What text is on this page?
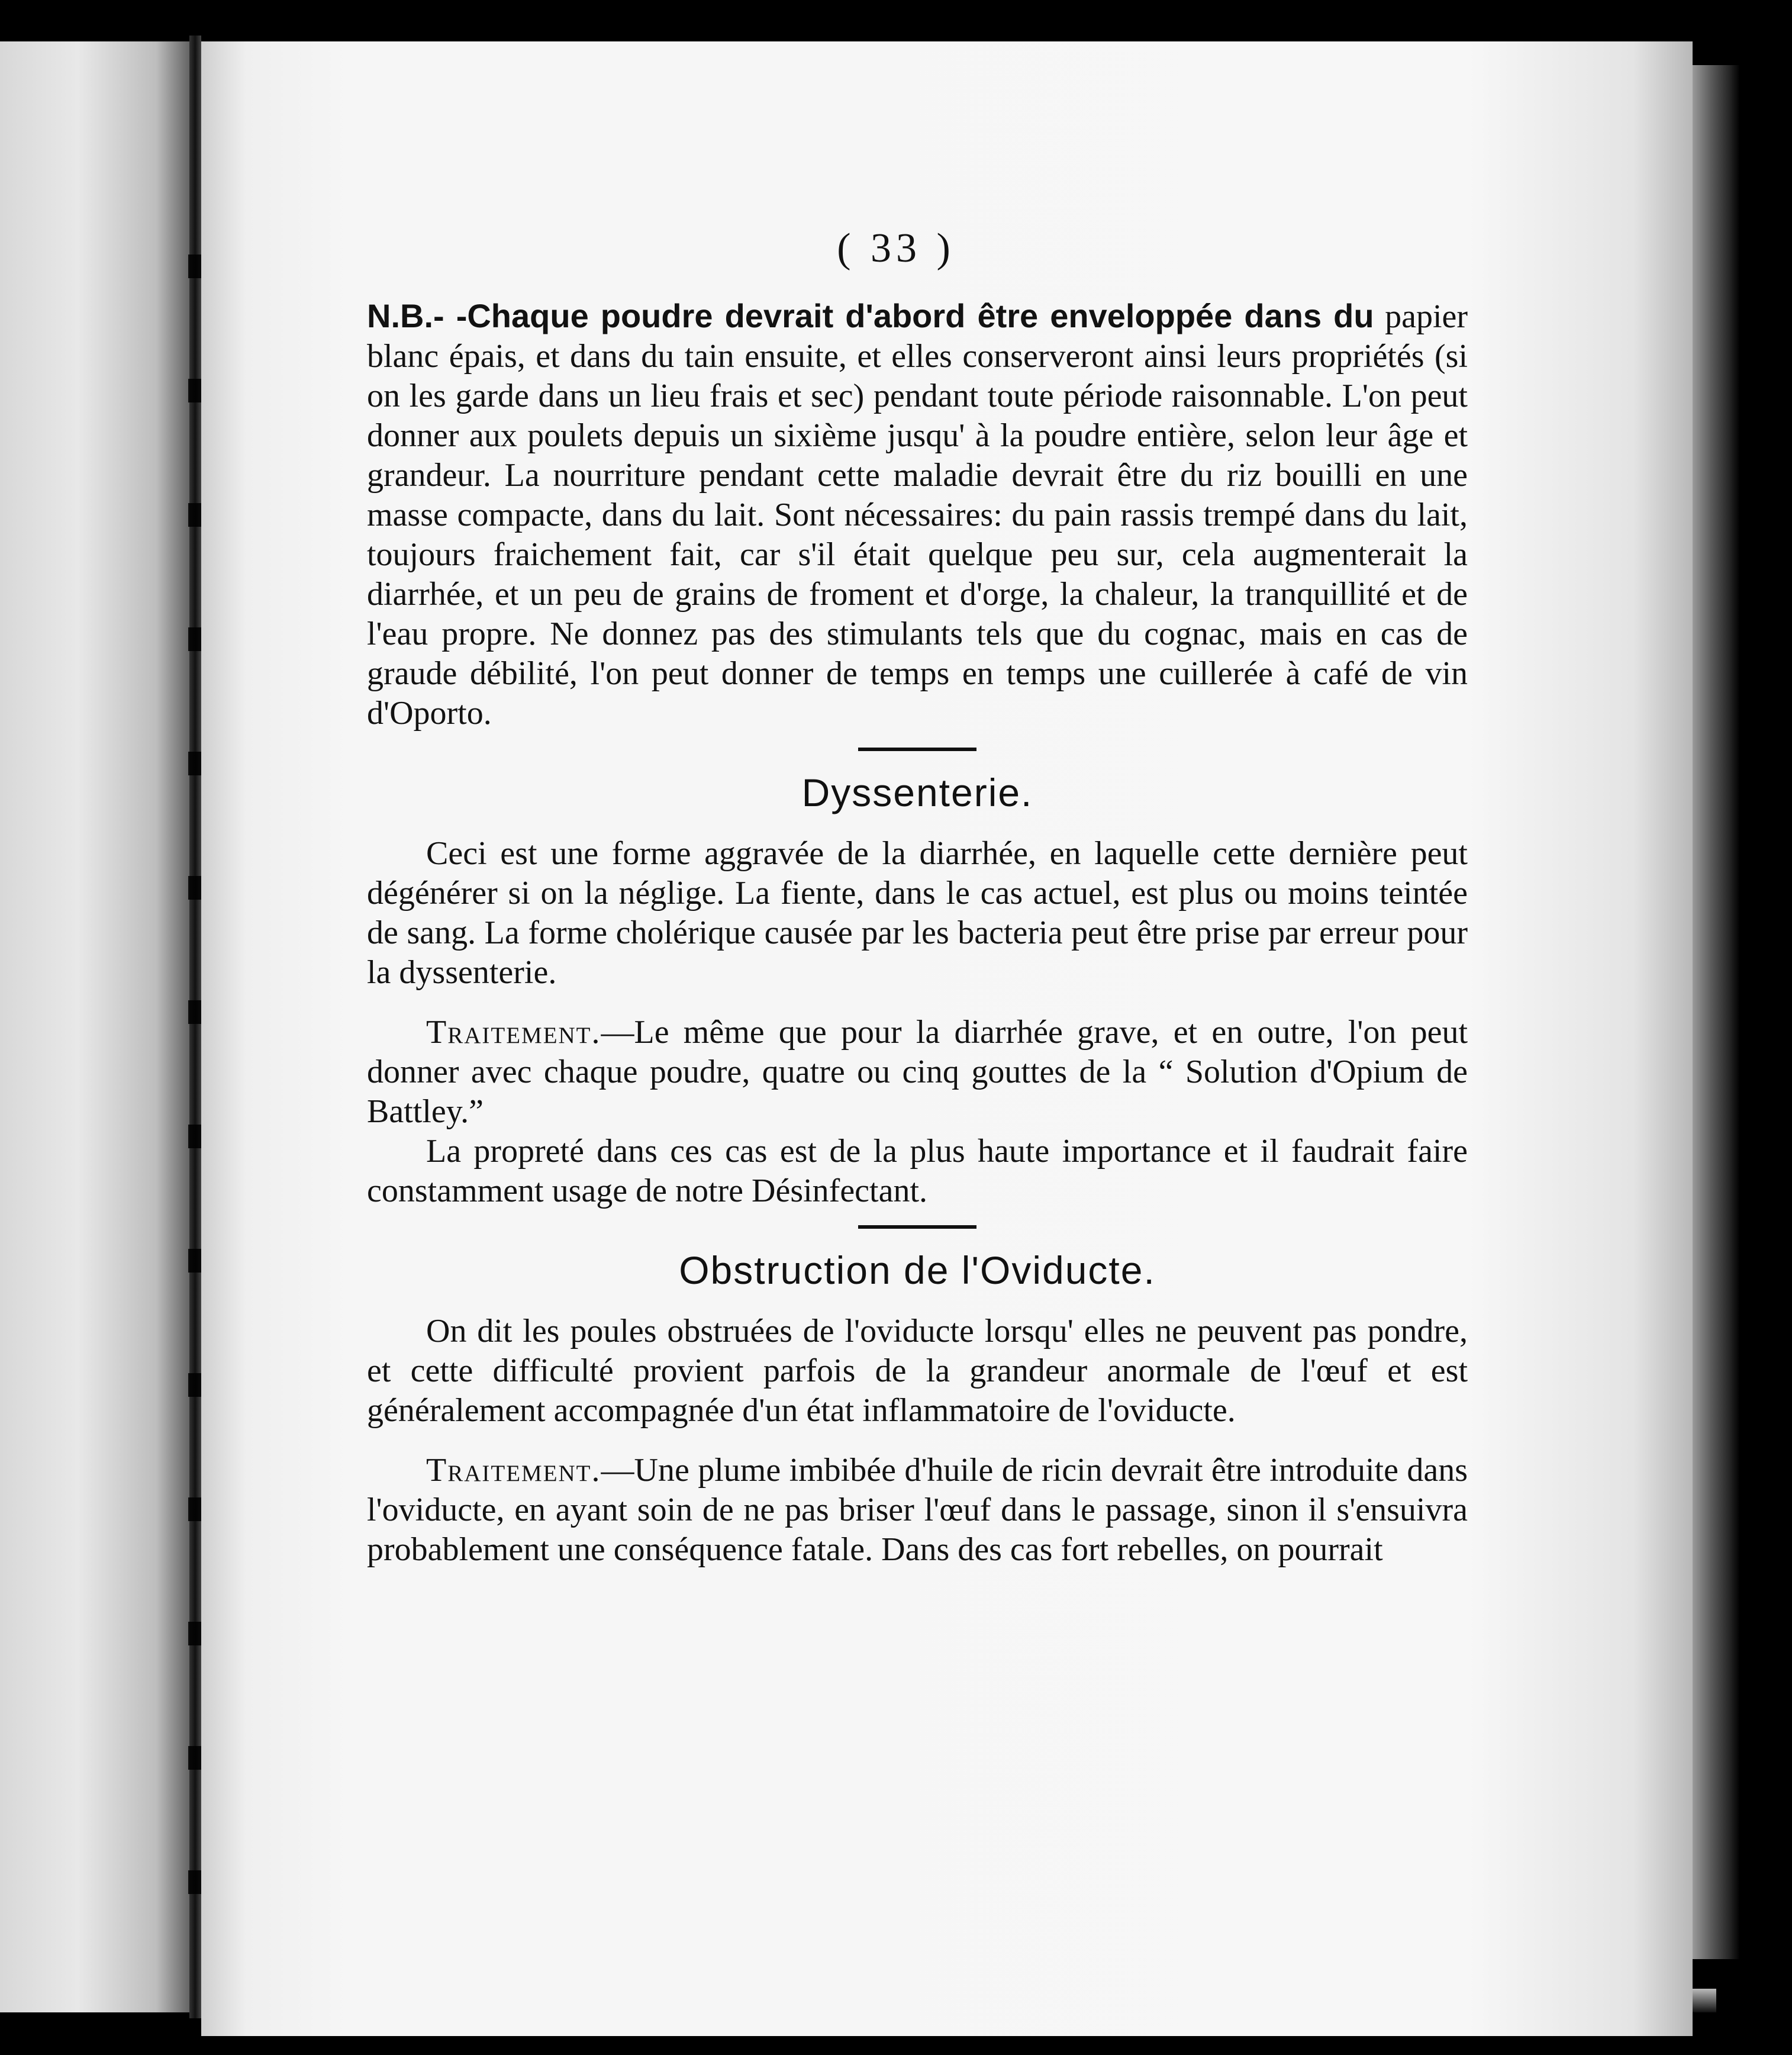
( 33 )

N.B.- -Chaque poudre devrait d'abord être enveloppée dans du papier blanc épais, et dans du tain ensuite, et elles conserveront ainsi leurs propriétés (si on les garde dans un lieu frais et sec) pendant toute période raisonnable. L'on peut donner aux poulets depuis un sixième jusqu' à la poudre entière, selon leur âge et grandeur. La nourriture pendant cette maladie devrait être du riz bouilli en une masse compacte, dans du lait. Sont nécessaires: du pain rassis trempé dans du lait, toujours fraichement fait, car s'il était quelque peu sur, cela augmenterait la diarrhée, et un peu de grains de froment et d'orge, la chaleur, la tranquillité et de l'eau propre. Ne donnez pas des stimulants tels que du cognac, mais en cas de graude débilité, l'on peut donner de temps en temps une cuillerée à café de vin d'Oporto.

Dyssenterie.

Ceci est une forme aggravée de la diarrhée, en laquelle cette dernière peut dégénérer si on la néglige. La fiente, dans le cas actuel, est plus ou moins teintée de sang. La forme cholérique causée par les bacteria peut être prise par erreur pour la dyssenterie.

Traitement.—Le même que pour la diarrhée grave, et en outre, l'on peut donner avec chaque poudre, quatre ou cinq gouttes de la “ Solution d'Opium de Battley.”

La propreté dans ces cas est de la plus haute importance et il faudrait faire constamment usage de notre Désinfectant.

Obstruction de l'Oviducte.

On dit les poules obstruées de l'oviducte lorsqu' elles ne peuvent pas pondre, et cette difficulté provient parfois de la grandeur anormale de l'œuf et est généralement accompagnée d'un état inflammatoire de l'oviducte.

Traitement.—Une plume imbibée d'huile de ricin devrait être introduite dans l'oviducte, en ayant soin de ne pas briser l'œuf dans le passage, sinon il s'ensuivra probablement une conséquence fatale. Dans des cas fort rebelles, on pourrait
